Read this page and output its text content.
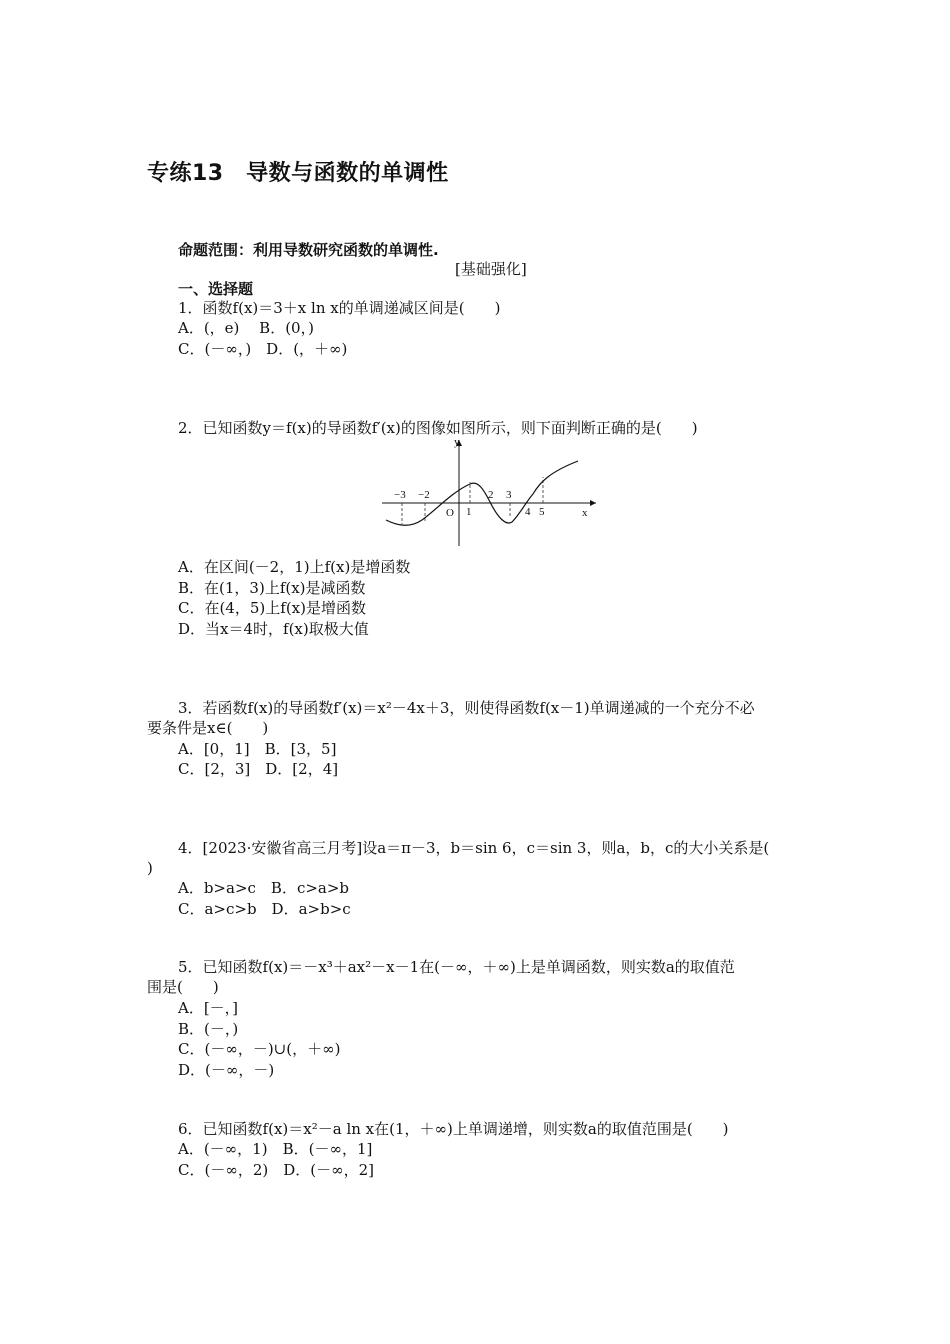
专练13　导数与函数的单调性
命题范围：利用导数研究函数的单调性.
[基础强化]
一、选择题
1．函数f(x)＝3＋x ln x的单调递减区间是(　　)
A．(，e)　 B．(0，)
C．(－∞，)　D．(，＋∞)
2．已知函数y＝f(x)的导函数f′(x)的图像如图所示，则下面判断正确的是(　　)
y
x
O
−3 −2
1
2 3
4 5
A．在区间(－2，1)上f(x)是增函数
B．在(1，3)上f(x)是减函数
C．在(4，5)上f(x)是增函数
D．当x＝4时，f(x)取极大值
3．若函数f(x)的导函数f′(x)＝x²－4x＋3，则使得函数f(x－1)单调递减的一个充分不必
要条件是x∈(　　)
A．[0，1]　B．[3，5]
C．[2，3]　D．[2，4]
4．[2023·安徽省高三月考]设a＝π－3，b＝sin 6，c＝sin 3，则a，b，c的大小关系是(
)
A．b>a>c　B．c>a>b
C．a>c>b　D．a>b>c
5．已知函数f(x)＝－x³＋ax²－x－1在(－∞，＋∞)上是单调函数，则实数a的取值范
围是(　　)
A．[－，]
B．(－，)
C．(－∞，－)∪(，＋∞)
D．(－∞，－)
6．已知函数f(x)＝x²－a ln x在(1，＋∞)上单调递增，则实数a的取值范围是(　　)
A．(－∞，1)　B．(－∞，1]
C．(－∞，2)　D．(－∞，2]
